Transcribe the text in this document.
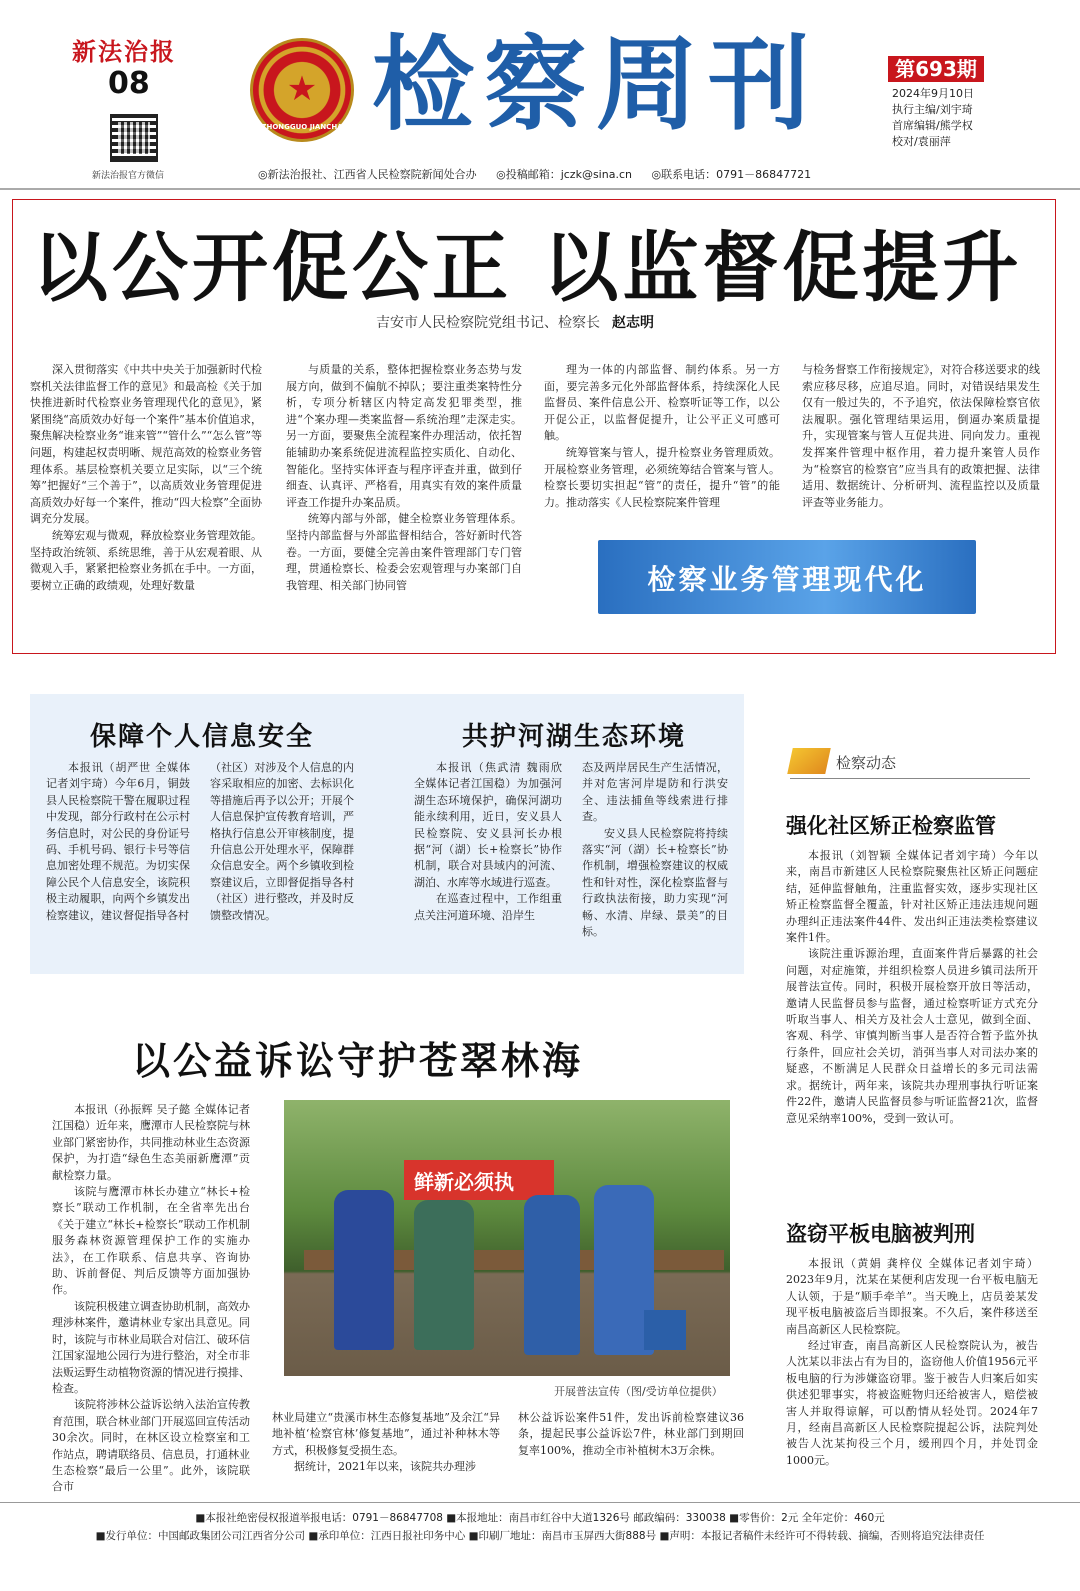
新法治报
08
新法治报官方微信
★
ZHONGGUO JIANCHA 检察周刊	第693期
2024年9月10日
执行主编/刘宇琦
首席编辑/熊学权
校对/袁丽萍
◎新法治报社、江西省人民检察院新闻处合办 ◎投稿邮箱：jczk@sina.cn ◎联系电话：0791－86847721
以公开促公正 以监督促提升
吉安市人民检察院党组书记、检察长 赵志明

深入贯彻落实《中共中央关于加强新时代检察机关法律监督工作的意见》和最高检《关于加快推进新时代检察业务管理现代化的意见》，紧紧围绕“高质效办好每一个案件”基本价值追求，聚焦解决检察业务“谁来管”“管什么”“怎么管”等问题，构建起权责明晰、规范高效的检察业务管理体系。基层检察机关要立足实际，以“三个统筹”把握好“三个善于”，以高质效业务管理促进高质效办好每一个案件，推动“四大检察”全面协调充分发展。

统筹宏观与微观，释放检察业务管理效能。坚持政治统领、系统思维，善于从宏观着眼、从微观入手，紧紧把检察业务抓在手中。一方面，要树立正确的政绩观，处理好数量

与质量的关系，整体把握检察业务态势与发展方向，做到不偏航不掉队；要注重类案特性分析，专项分析辖区内特定高发犯罪类型，推进“个案办理—类案监督—系统治理”走深走实。另一方面，要聚焦全流程案件办理活动，依托智能辅助办案系统促进流程监控实质化、自动化、智能化。坚持实体评查与程序评查并重，做到仔细查、认真评、严格看，用真实有效的案件质量评查工作提升办案品质。

统筹内部与外部，健全检察业务管理体系。坚持内部监督与外部监督相结合，答好新时代答卷。一方面，要健全完善由案件管理部门专门管理，贯通检察长、检委会宏观管理与办案部门自我管理、相关部门协同管

理为一体的内部监督、制约体系。另一方面，要完善多元化外部监督体系，持续深化人民监督员、案件信息公开、检察听证等工作，以公开促公正，以监督促提升，让公平正义可感可触。

统筹管案与管人，提升检察业务管理质效。开展检察业务管理，必须统筹结合管案与管人。检察长要切实担起“管”的责任，提升“管”的能力。推动落实《人民检察院案件管理

与检务督察工作衔接规定》，对符合移送要求的线索应移尽移，应追尽追。同时，对错误结果发生仅有一般过失的，不予追究，依法保障检察官依法履职。强化管理结果运用，倒逼办案质量提升，实现管案与管人互促共进、同向发力。重视发挥案件管理中枢作用，着力提升案管人员作为“检察官的检察官”应当具有的政策把握、法律适用、数据统计、分析研判、流程监控以及质量评查等业务能力。

检察业务管理现代化
保障个人信息安全

本报讯（胡严世 全媒体记者刘宇琦）今年6月，铜鼓县人民检察院干警在履职过程中发现，部分行政村在公示村务信息时，对公民的身份证号码、手机号码、银行卡号等信息加密处理不规范。为切实保障公民个人信息安全，该院积极主动履职，向两个乡镇发出检察建议，建议督促指导各村

（社区）对涉及个人信息的内容采取相应的加密、去标识化等措施后再予以公开；开展个人信息保护宣传教育培训，严格执行信息公开审核制度，提升信息公开处理水平，保障群众信息安全。两个乡镇收到检察建议后，立即督促指导各村（社区）进行整改，并及时反馈整改情况。

共护河湖生态环境

本报讯（焦武清 魏雨欣 全媒体记者江国稳）为加强河湖生态环境保护，确保河湖功能永续利用，近日，安义县人民检察院、安义县河长办根据“河（湖）长+检察长”协作机制，联合对县域内的河流、湖泊、水库等水域进行巡查。

在巡查过程中，工作组重点关注河道环境、沿岸生

态及两岸居民生产生活情况，并对危害河岸堤防和行洪安全、违法捕鱼等线索进行排查。

安义县人民检察院将持续落实“河（湖）长+检察长”协作机制，增强检察建议的权威性和针对性，深化检察监督与行政执法衔接，助力实现“河畅、水清、岸绿、景美”的目标。

检察动态
强化社区矫正检察监管

本报讯（刘智颖 全媒体记者刘宇琦）今年以来，南昌市新建区人民检察院聚焦社区矫正问题症结，延伸监督触角，注重监督实效，逐步实现社区矫正检察监督全覆盖，针对社区矫正违法违规问题办理纠正违法案件44件、发出纠正违法类检察建议案件1件。

该院注重诉源治理，直面案件背后暴露的社会问题，对症施策，并组织检察人员进乡镇司法所开展普法宣传。同时，积极开展检察开放日等活动，邀请人民监督员参与监督，通过检察听证方式充分听取当事人、相关方及社会人士意见，做到全面、客观、科学、审慎判断当事人是否符合暂予监外执行条件，回应社会关切，消弭当事人对司法办案的疑惑，不断满足人民群众日益增长的多元司法需求。据统计，两年来，该院共办理刑事执行听证案件22件，邀请人民监督员参与听证监督21次，监督意见采纳率100%，受到一致认可。

盗窃平板电脑被判刑

本报讯（黄娟 龚梓仪 全媒体记者刘宇琦）2023年9月，沈某在某便利店发现一台平板电脑无人认领，于是“顺手牵羊”。当天晚上，店员姜某发现平板电脑被盗后当即报案。不久后，案件移送至南昌高新区人民检察院。

经过审查，南昌高新区人民检察院认为，被告人沈某以非法占有为目的，盗窃他人价值1956元平板电脑的行为涉嫌盗窃罪。鉴于被告人归案后如实供述犯罪事实，将被盗赃物归还给被害人，赔偿被害人并取得谅解，可以酌情从轻处罚。2024年7月，经南昌高新区人民检察院提起公诉，法院判处被告人沈某拘役三个月，缓刑四个月，并处罚金1000元。

以公益诉讼守护苍翠林海

本报讯（孙振辉 吴子懿 全媒体记者江国稳）近年来，鹰潭市人民检察院与林业部门紧密协作，共同推动林业生态资源保护，为打造“绿色生态美丽新鹰潭”贡献检察力量。

该院与鹰潭市林长办建立“林长+检察长”联动工作机制，在全省率先出台《关于建立“林长+检察长”联动工作机制服务森林资源管理保护工作的实施办法》，在工作联系、信息共享、咨询协助、诉前督促、判后反馈等方面加强协作。

该院积极建立调查协助机制，高效办理涉林案件，邀请林业专家出具意见。同时，该院与市林业局联合对信江、破环信江国家湿地公园行为进行整治，对全市非法贩运野生动植物资源的情况进行摸排、检查。

该院将涉林公益诉讼纳入法治宣传教育范围，联合林业部门开展巡回宣传活动30余次。同时，在林区设立检察室和工作站点，聘请联络员、信息员，打通林业生态检察“最后一公里”。此外，该院联合市

鲜新必须执
开展普法宣传（图/受访单位提供）

林业局建立“贵溪市林生态修复基地”及余江“异地补植‘检察官林’修复基地”，通过补种林木等方式，积极修复受损生态。

据统计，2021年以来，该院共办理涉

林公益诉讼案件51件，发出诉前检察建议36条，提起民事公益诉讼7件，林业部门到期回复率100%，推动全市补植树木3万余株。

■本报社绝密侵权报道举报电话：0791－86847708 ■本报地址：南昌市红谷中大道1326号 邮政编码：330038 ■零售价：2元 全年定价：460元
■发行单位：中国邮政集团公司江西省分公司 ■承印单位：江西日报社印务中心 ■印刷厂地址：南昌市玉屏西大街888号 ■声明：本报记者稿件未经许可不得转载、摘编，否则将追究法律责任
